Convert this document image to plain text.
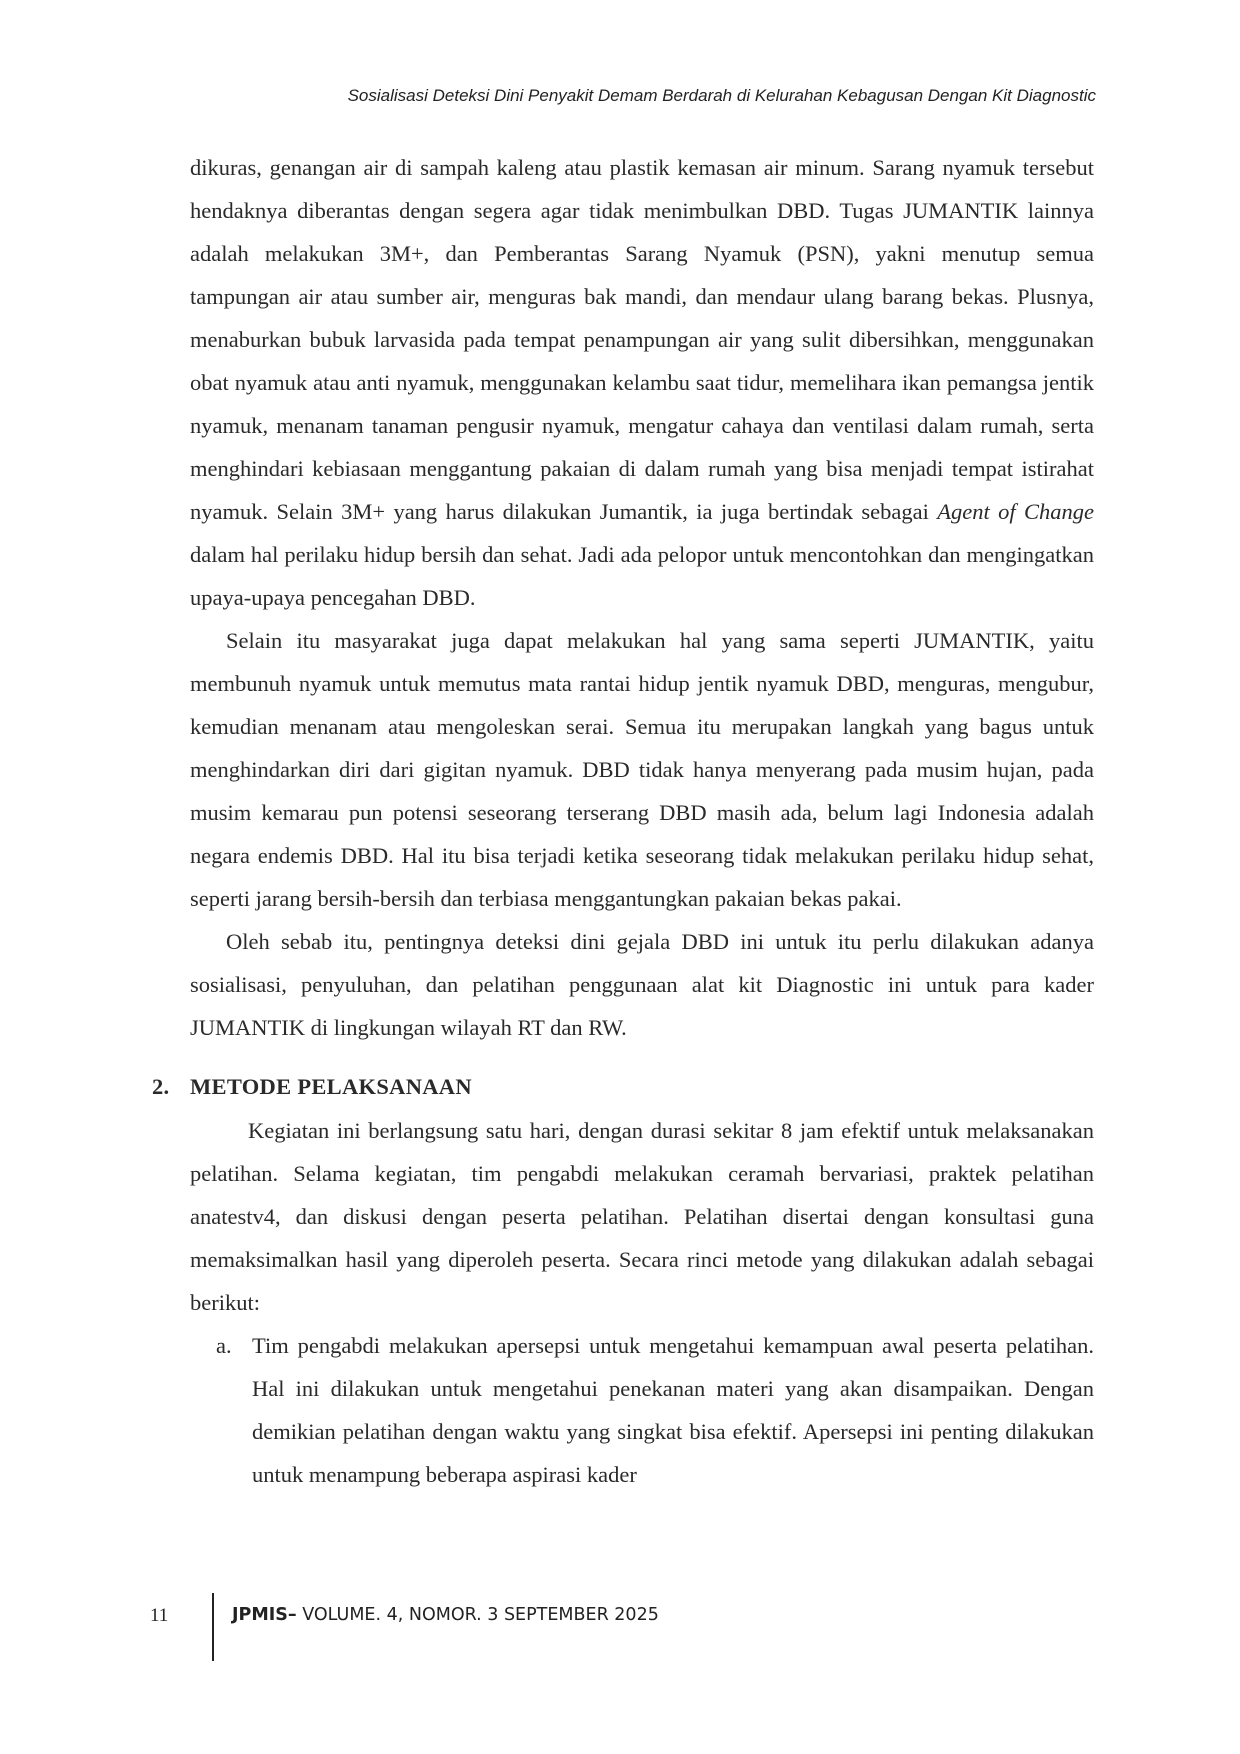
Sosialisasi Deteksi Dini Penyakit Demam Berdarah di Kelurahan Kebagusan Dengan Kit Diagnostic

dikuras, genangan air di sampah kaleng atau plastik kemasan air minum. Sarang nyamuk tersebut hendaknya diberantas dengan segera agar tidak menimbulkan DBD. Tugas JUMANTIK lainnya adalah melakukan 3M+, dan Pemberantas Sarang Nyamuk (PSN), yakni menutup semua tampungan air atau sumber air, menguras bak mandi, dan mendaur ulang barang bekas. Plusnya, menaburkan bubuk larvasida pada tempat penampungan air yang sulit dibersihkan, menggunakan obat nyamuk atau anti nyamuk, menggunakan kelambu saat tidur, memelihara ikan pemangsa jentik nyamuk, menanam tanaman pengusir nyamuk, mengatur cahaya dan ventilasi dalam rumah, serta menghindari kebiasaan menggantung pakaian di dalam rumah yang bisa menjadi tempat istirahat nyamuk. Selain 3M+ yang harus dilakukan Jumantik, ia juga bertindak sebagai Agent of Change dalam hal perilaku hidup bersih dan sehat. Jadi ada pelopor untuk mencontohkan dan mengingatkan upaya-upaya pencegahan DBD.

Selain itu masyarakat juga dapat melakukan hal yang sama seperti JUMANTIK, yaitu membunuh nyamuk untuk memutus mata rantai hidup jentik nyamuk DBD, menguras, mengubur, kemudian menanam atau mengoleskan serai. Semua itu merupakan langkah yang bagus untuk menghindarkan diri dari gigitan nyamuk. DBD tidak hanya menyerang pada musim hujan, pada musim kemarau pun potensi seseorang terserang DBD masih ada, belum lagi Indonesia adalah negara endemis DBD. Hal itu bisa terjadi ketika seseorang tidak melakukan perilaku hidup sehat, seperti jarang bersih-bersih dan terbiasa menggantungkan pakaian bekas pakai.

Oleh sebab itu, pentingnya deteksi dini gejala DBD ini untuk itu perlu dilakukan adanya sosialisasi, penyuluhan, dan pelatihan penggunaan alat kit Diagnostic ini untuk para kader JUMANTIK di lingkungan wilayah RT dan RW.

2. METODE PELAKSANAAN

Kegiatan ini berlangsung satu hari, dengan durasi sekitar 8 jam efektif untuk melaksanakan pelatihan. Selama kegiatan, tim pengabdi melakukan ceramah bervariasi, praktek pelatihan anatestv4, dan diskusi dengan peserta pelatihan. Pelatihan disertai dengan konsultasi guna memaksimalkan hasil yang diperoleh peserta. Secara rinci metode yang dilakukan adalah sebagai berikut:

a. Tim pengabdi melakukan apersepsi untuk mengetahui kemampuan awal peserta pelatihan. Hal ini dilakukan untuk mengetahui penekanan materi yang akan disampaikan. Dengan demikian pelatihan dengan waktu yang singkat bisa efektif. Apersepsi ini penting dilakukan untuk menampung beberapa aspirasi kader
11	JPMIS– VOLUME. 4, NOMOR. 3 SEPTEMBER 2025
